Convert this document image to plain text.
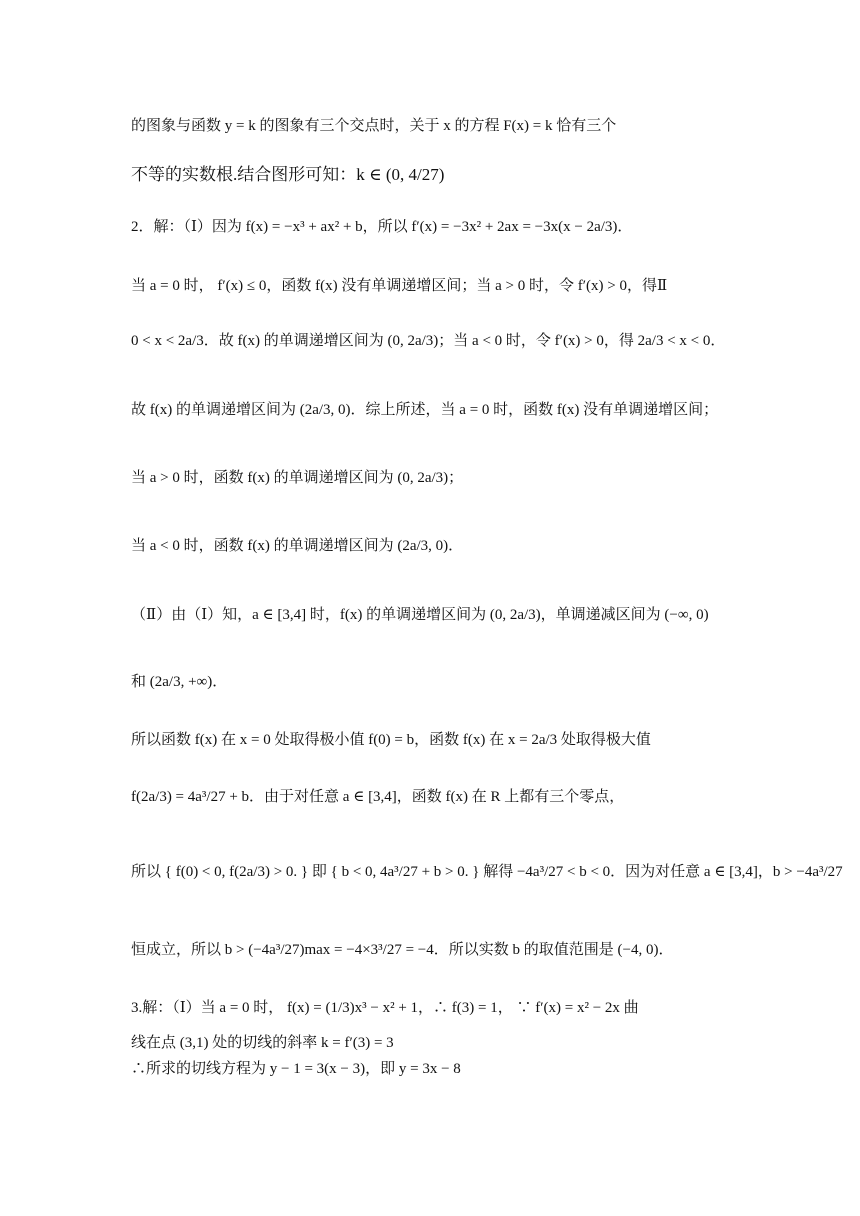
的图象与函数 y = k 的图象有三个交点时，关于 x 的方程 F(x) = k 恰有三个
不等的实数根.结合图形可知：k ∈ (0, 4/27)
2．解：（Ⅰ）因为 f(x) = −x³ + ax² + b，所以 f′(x) = −3x² + 2ax = −3x(x − 2a/3)．
当 a = 0 时， f′(x) ≤ 0，函数 f(x) 没有单调递增区间；当 a > 0 时，令 f′(x) > 0，得Ⅱ
0 < x < 2a/3．故 f(x) 的单调递增区间为 (0, 2a/3)；当 a < 0 时，令 f′(x) > 0，得 2a/3 < x < 0．
故 f(x) 的单调递增区间为 (2a/3, 0)．综上所述，当 a = 0 时，函数 f(x) 没有单调递增区间；
当 a > 0 时，函数 f(x) 的单调递增区间为 (0, 2a/3)；
当 a < 0 时，函数 f(x) 的单调递增区间为 (2a/3, 0)．
（Ⅱ）由（Ⅰ）知，a ∈ [3,4] 时，f(x) 的单调递增区间为 (0, 2a/3)，单调递减区间为 (−∞, 0)
和 (2a/3, +∞)．
所以函数 f(x) 在 x = 0 处取得极小值 f(0) = b，函数 f(x) 在 x = 2a/3 处取得极大值
f(2a/3) = 4a³/27 + b．由于对任意 a ∈ [3,4]，函数 f(x) 在 R 上都有三个零点，
所以 { f(0) < 0, f(2a/3) > 0. } 即 { b < 0, 4a³/27 + b > 0. } 解得 −4a³/27 < b < 0．因为对任意 a ∈ [3,4]，b > −4a³/27
恒成立，所以 b > (−4a³/27)max = −4×3³/27 = −4．所以实数 b 的取值范围是 (−4, 0)．
3.解：（Ⅰ）当 a = 0 时， f(x) = (1/3)x³ − x² + 1，∴ f(3) = 1， ∵ f′(x) = x² − 2x 曲
线在点 (3,1) 处的切线的斜率 k = f′(3) = 3
∴所求的切线方程为 y − 1 = 3(x − 3)，即 y = 3x − 8
